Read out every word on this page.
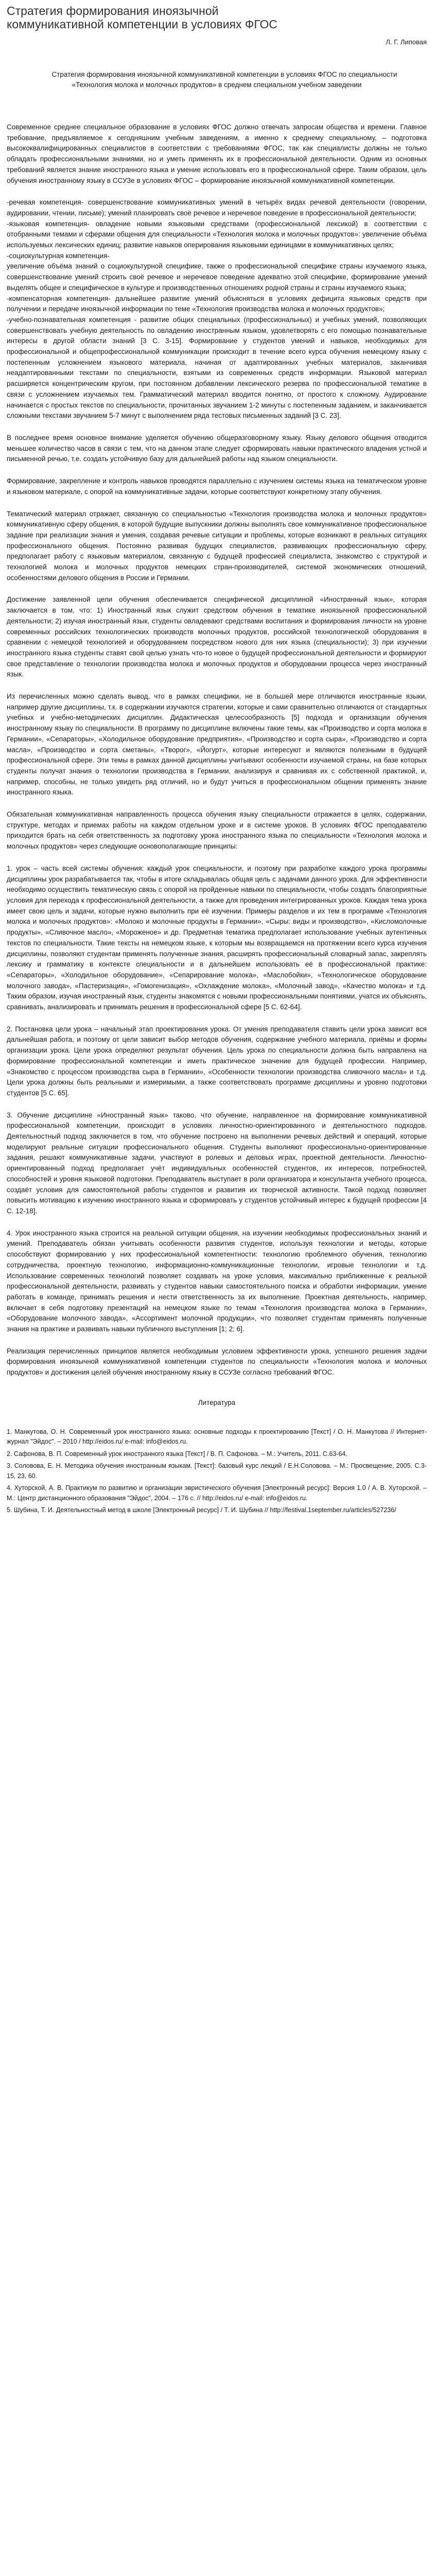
Стратегия формирования иноязычной коммуникативной компетенции в условиях ФГОС
Л. Г. Липовая
Стратегия формирования иноязычной коммуникативной компетенции в условиях ФГОС по специальности «Технология молока и молочных продуктов» в среднем специальном учебном заведении

Современное среднее специальное образование в условиях ФГОС должно отвечать запросам общества и времени. Главное требование, предъявляемое к сегодняшним учебным заведениям, а именно к среднему специальному, – подготовка высококвалифицированных специалистов в соответствии с требованиями ФГОС, так как специалисты должны не только обладать профессиональными знаниями, но и уметь применять их в профессиональной деятельности. Одним из основных требований является знание иностранного языка и умение использовать его в профессиональной сфере. Таким образом, цель обучения иностранному языку в ССУЗе в условиях ФГОС – формирование иноязычной коммуникативной компетенции.

-речевая компетенция- совершенствование коммуникативных умений в четырёх видах речевой деятельности (говорении, аудировании, чтении, письме); умений планировать своё речевое и неречевое поведение в профессиональной деятельности;
-языковая компетенция- овладение новыми языковыми средствами (профессиональной лексикой) в соответствии с отобранными темами и сферами общения для специальности «Технология молока и молочных продуктов»: увеличение объёма используемых лексических единиц; развитие навыков оперирования языковыми единицами в коммуникативных целях;
-социокультурная компетенция-
увеличение объёма знаний о социокультурной специфике, также о профессиональной специфике страны изучаемого языка, совершенствование умений строить своё речевое и неречевое поведение адекватно этой специфике, формирование умений выделять общее и специфическое в культуре и производственных отношениях родной страны и страны изучаемого языка;
-компенсаторная компетенция- дальнейшее развитие умений объясняться в условиях дефицита языковых средств при получении и передаче иноязычной информации по теме «Технология производства молока и молочных продуктов»;
-учебно-познавательная компетенция - развитие общих специальных (профессиональных) и учебных умений, позволяющих совершенствовать учебную деятельность по овладению иностранным языком, удовлетворять с его помощью познавательные интересы в другой области знаний [3 С. 3-15]. Формирование у студентов умений и навыков, необходимых для профессиональной и общепрофессиональной коммуникации происходит в течение всего курса обучения немецкому языку с постепенным усложнением языкового материала, начиная от адаптированных учебных материалов, заканчивая неадаптированными текстами по специальности, взятыми из современных средств информации. Языковой материал расширяется концентрическим кругом, при постоянном добавлении лексического резерва по профессиональной тематике в связи с усложнением изучаемых тем. Грамматический материал вводится понятно, от простого к сложному. Аудирование начинается с простых текстов по специальности, прочитанных звучанием 1-2 минуты с постепенным заданием, и заканчивается сложными текстами звучанием 5-7 минут с выполнением ряда тестовых письменных заданий [3 С. 23].

В последнее время основное внимание уделяется обучению общеразговорному языку. Языку делового общения отводится меньшее количество часов в связи с тем, что на данном этапе следует сформировать навыки практического владения устной и письменной речью, т.е. создать устойчивую базу для дальнейшей работы над языком специальности.

Формирование, закрепление и контроль навыков проводятся параллельно с изучением системы языка на тематическом уровне и языковом материале, с опорой на коммуникативные задачи, которые соответствуют конкретному этапу обучения.

Тематический материал отражает, связанную со специальностью «Технология производства молока и молочных продуктов» коммуникативную сферу общения, в которой будущие выпускники должны выполнять свое коммуникативное профессиональное задание при реализации знания и умения, создавая речевые ситуации и проблемы, которые возникают в реальных ситуациях профессионального общения. Постоянно развивая будущих специалистов, развивающих профессиональную сферу, предполагает работу с языковым материалом, связанную с будущей профессией специалиста, знакомство с структурой и технологией молока и молочных продуктов немецких стран-производителей, системой экономических отношений, особенностями делового общения в России и Германии.

Достижение заявленной цели обучения обеспечивается специфической дисциплиной «Иностранный язык», которая заключается в том, что: 1) Иностранный язык служит средством обучения в тематике иноязычной профессиональной деятельности; 2) изучая иностранный язык, студенты овладевают средствами воспитания и формирования личности на уровне современных российских технологических производств молочных продуктов, российской технологической оборудования в сравнении с немецкой технологией и оборудованием посредством нового для них языка (специальности); 3) при изучении иностранного языка студенты ставят свой целью узнать что-то новое о будущей профессиональной деятельности и формируют свое представление о технологии производства молока и молочных продуктов и оборудовании процесса через иностранный язык.

Из перечисленных можно сделать вывод, что в рамках специфики, не в большей мере отличаются иностранные языки, например другие дисциплины, т.к. в содержании изучаются стратегии, которые и сами сравнительно отличаются от стандартных учебных и учебно-методических дисциплин. Дидактическая целесообразность [5] подхода и организации обучения иностранному языку по специальности. В программу по дисциплине включены такие темы, как «Производство и сорта молока в Германии», «Сепараторы», «Холодильное оборудование предприятия», «Производство и сорта сыра», «Производство и сорта масла», «Производство и сорта сметаны», «Творог», «Йогурт», которые интересуют и являются полезными в будущей профессиональной сфере. Эти темы в рамках данной дисциплины учитывают особенности изучаемой страны, на базе которых студенты получат знания о технологии производства в Германии, анализируя и сравнивая их с собственной практикой, и, например, способны, не только увидеть ряд отличий, но и будут учиться в профессиональном общении применять знание иностранного языка.

Обязательная коммуникативная направленность процесса обучения языку специальности отражается в целях, содержании, структуре, методах и приемах работы на каждом отдельном уроке и в системе уроков. В условиях ФГОС преподавателю приходится брать на себя ответственность за подготовку урока иностранного языка по специальности «Технология молока и молочных продуктов» через следующие основополагающие принципы:

1. урок – часть всей системы обучения: каждый урок специальности, и поэтому при разработке каждого урока программы дисциплины урок разрабатывается так, чтобы в итоге складывалась общая цель с задачами данного урока. Для эффективности необходимо осуществить тематическую связь с опорой на пройденные навыки по специальности, чтобы создать благоприятные условия для перехода к профессиональной деятельности, а также для проведения интегрированных уроков. Каждая тема урока имеет свою цель и задачи, которые нужно выполнить при её изучении. Примеры разделов и их тем в программе «Технология молока и молочных продуктов»: «Молоко и молочные продукты в Германии», «Сыры: виды и производство», «Кисломолочные продукты», «Сливочное масло», «Мороженое» и др. Предметная тематика предполагает использование учебных аутентичных текстов по специальности. Такие тексты на немецком языке, к которым мы возвращаемся на протяжении всего курса изучения дисциплины, позволяют студентам применять полученные знания, расширять профессиональный словарный запас, закреплять лексику и грамматику в контексте специальности и в дальнейшем использовать её в профессиональной практике: «Сепараторы», «Холодильное оборудование», «Сепарирование молока», «Маслобойки», «Технологическое оборудование молочного завода», «Пастеризация», «Гомогенизация», «Охлаждение молока», «Молочный завод», «Качество молока» и т.д. Таким образом, изучая иностранный язык, студенты знакомятся с новыми профессиональными понятиями, учатся их объяснять, сравнивать, анализировать и принимать решения в профессиональной сфере [5 С. 62-64].

2. Постановка цели урока – начальный этап проектирования урока. От умения преподавателя ставить цели урока зависит вся дальнейшая работа, и поэтому от цели зависит выбор методов обучения, содержание учебного материала, приёмы и формы организации урока. Цели урока определяют результат обучения. Цель урока по специальности должна быть направлена на формирование профессиональной компетенции и иметь практическое значение для будущей профессии. Например, «Знакомство с процессом производства сыра в Германии», «Особенности технологии производства сливочного масла» и т.д. Цели урока должны быть реальными и измеримыми, а также соответствовать программе дисциплины и уровню подготовки студентов [5 С. 65].

3. Обучение дисциплине «Иностранный язык» таково, что обучение, направленное на формирование коммуникативной профессиональной компетенции, происходит в условиях личностно-ориентированного и деятельностного подходов. Деятельностный подход заключается в том, что обучение построено на выполнении речевых действий и операций, которые моделируют реальные ситуации профессионального общения. Студенты выполняют профессионально-ориентированные задания, решают коммуникативные задачи, участвуют в ролевых и деловых играх, проектной деятельности. Личностно-ориентированный подход предполагает учёт индивидуальных особенностей студентов, их интересов, потребностей, способностей и уровня языковой подготовки. Преподаватель выступает в роли организатора и консультанта учебного процесса, создаёт условия для самостоятельной работы студентов и развития их творческой активности. Такой подход позволяет повысить мотивацию к изучению иностранного языка и сформировать у студентов устойчивый интерес к будущей профессии [4 С. 12-18].

4. Урок иностранного языка строится на реальной ситуации общения, на изучении необходимых профессиональных знаний и умений. Преподаватель обязан учитывать особенности развития студентов, используя технологии и методы, которые способствуют формированию у них профессиональной компетентности: технологию проблемного обучения, технологию сотрудничества, проектную технологию, информационно-коммуникационные технологии, игровые технологии и т.д. Использование современных технологий позволяет создавать на уроке условия, максимально приближенные к реальной профессиональной деятельности, развивать у студентов навыки самостоятельного поиска и обработки информации, умение работать в команде, принимать решения и нести ответственность за их выполнение. Проектная деятельность, например, включает в себя подготовку презентаций на немецком языке по темам «Технология производства молока в Германии», «Оборудование молочного завода», «Ассортимент молочной продукции», что позволяет студентам применять полученные знания на практике и развивать навыки публичного выступления [1; 2; 6].

Реализация перечисленных принципов является необходимым условием эффективности урока, успешного решения задачи формирования иноязычной коммуникативной компетенции студентов по специальности «Технология молока и молочных продуктов» и достижения целей обучения иностранному языку в ССУЗе согласно требований ФГОС.

Литература

1. Манкутова, О. Н. Современный урок иностранного языка: основные подходы к проектированию [Текст] / О. Н. Манкутова // Интернет-журнал "Эйдос". – 2010 / http://eidos.ru/ e-mail: info@eidos.ru.

2. Сафонова, В. П. Современный урок иностранного языка [Текст] / В. П. Сафонова. – М.: Учитель, 2011. С.63-64.

3. Соловова, Е. Н. Методика обучения иностранным языкам. [Текст]: базовый курс лекций / Е.Н.Соловова. – М.: Просвещение, 2005. С.3-15, 23, 60.

4. Хуторской, А. В. Практикум по развитию и организации эвристического обучения [Электронный ресурс]: Версия 1.0 / А. В. Хуторской. – М.: Центр дистанционного образования "Эйдос", 2004. – 176 с. // http://eidos.ru/ e-mail: info@eidos.ru.

5. Шубина, Т. И. Деятельностный метод в школе [Электронный ресурс] / Т. И. Шубина // http://festival.1september.ru/articles/527236/
